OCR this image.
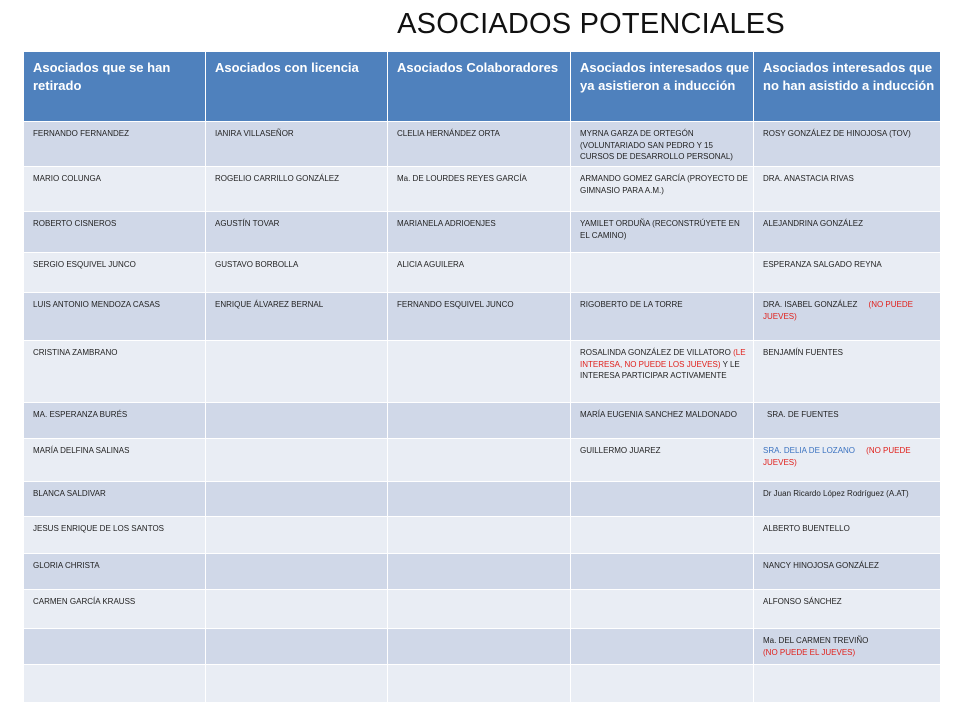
ASOCIADOS POTENCIALES
Asociados que se han retirado	Asociados con licencia	Asociados Colaboradores	Asociados interesados que ya asistieron a inducción	Asociados interesados que no han asistido a inducción
FERNANDO FERNANDEZ	IANIRA VILLASEÑOR	CLELIA HERNÁNDEZ ORTA	MYRNA GARZA DE ORTEGÓN (VOLUNTARIADO SAN PEDRO Y 15 CURSOS DE DESARROLLO PERSONAL)	ROSY GONZÁLEZ DE HINOJOSA (TOV)
MARIO COLUNGA	ROGELIO CARRILLO GONZÁLEZ	Ma. DE LOURDES REYES GARCÍA	ARMANDO GOMEZ GARCÍA (PROYECTO DE GIMNASIO PARA A.M.)	DRA. ANASTACIA RIVAS
ROBERTO CISNEROS	AGUSTÍN TOVAR	MARIANELA ADRIOENJES	YAMILET ORDUÑA (RECONSTRÚYETE EN EL CAMINO)	ALEJANDRINA GONZÁLEZ
SERGIO ESQUIVEL JUNCO	GUSTAVO BORBOLLA	ALICIA AGUILERA		ESPERANZA SALGADO REYNA
LUIS ANTONIO MENDOZA CASAS	ENRIQUE ÁLVAREZ BERNAL	FERNANDO ESQUIVEL JUNCO	RIGOBERTO DE LA TORRE	DRA. ISABEL GONZÁLEZ (NO PUEDE JUEVES)
CRISTINA ZAMBRANO			ROSALINDA GONZÁLEZ DE VILLATORO (LE INTERESA, NO PUEDE LOS JUEVES) Y LE INTERESA PARTICIPAR ACTIVAMENTE	BENJAMÍN FUENTES
MA. ESPERANZA BURÉS			MARÍA EUGENIA SANCHEZ MALDONADO	SRA. DE FUENTES
MARÍA DELFINA SALINAS			GUILLERMO JUAREZ	SRA. DELIA DE LOZANO (NO PUEDE JUEVES)
BLANCA SALDIVAR				Dr Juan Ricardo López Rodríguez (A.AT)
JESUS ENRIQUE DE LOS SANTOS				ALBERTO BUENTELLO
GLORIA CHRISTA				NANCY HINOJOSA GONZÁLEZ
CARMEN GARCÍA KRAUSS				ALFONSO SÁNCHEZ
				Ma. DEL CARMEN TREVIÑO
(NO PUEDE EL JUEVES)
